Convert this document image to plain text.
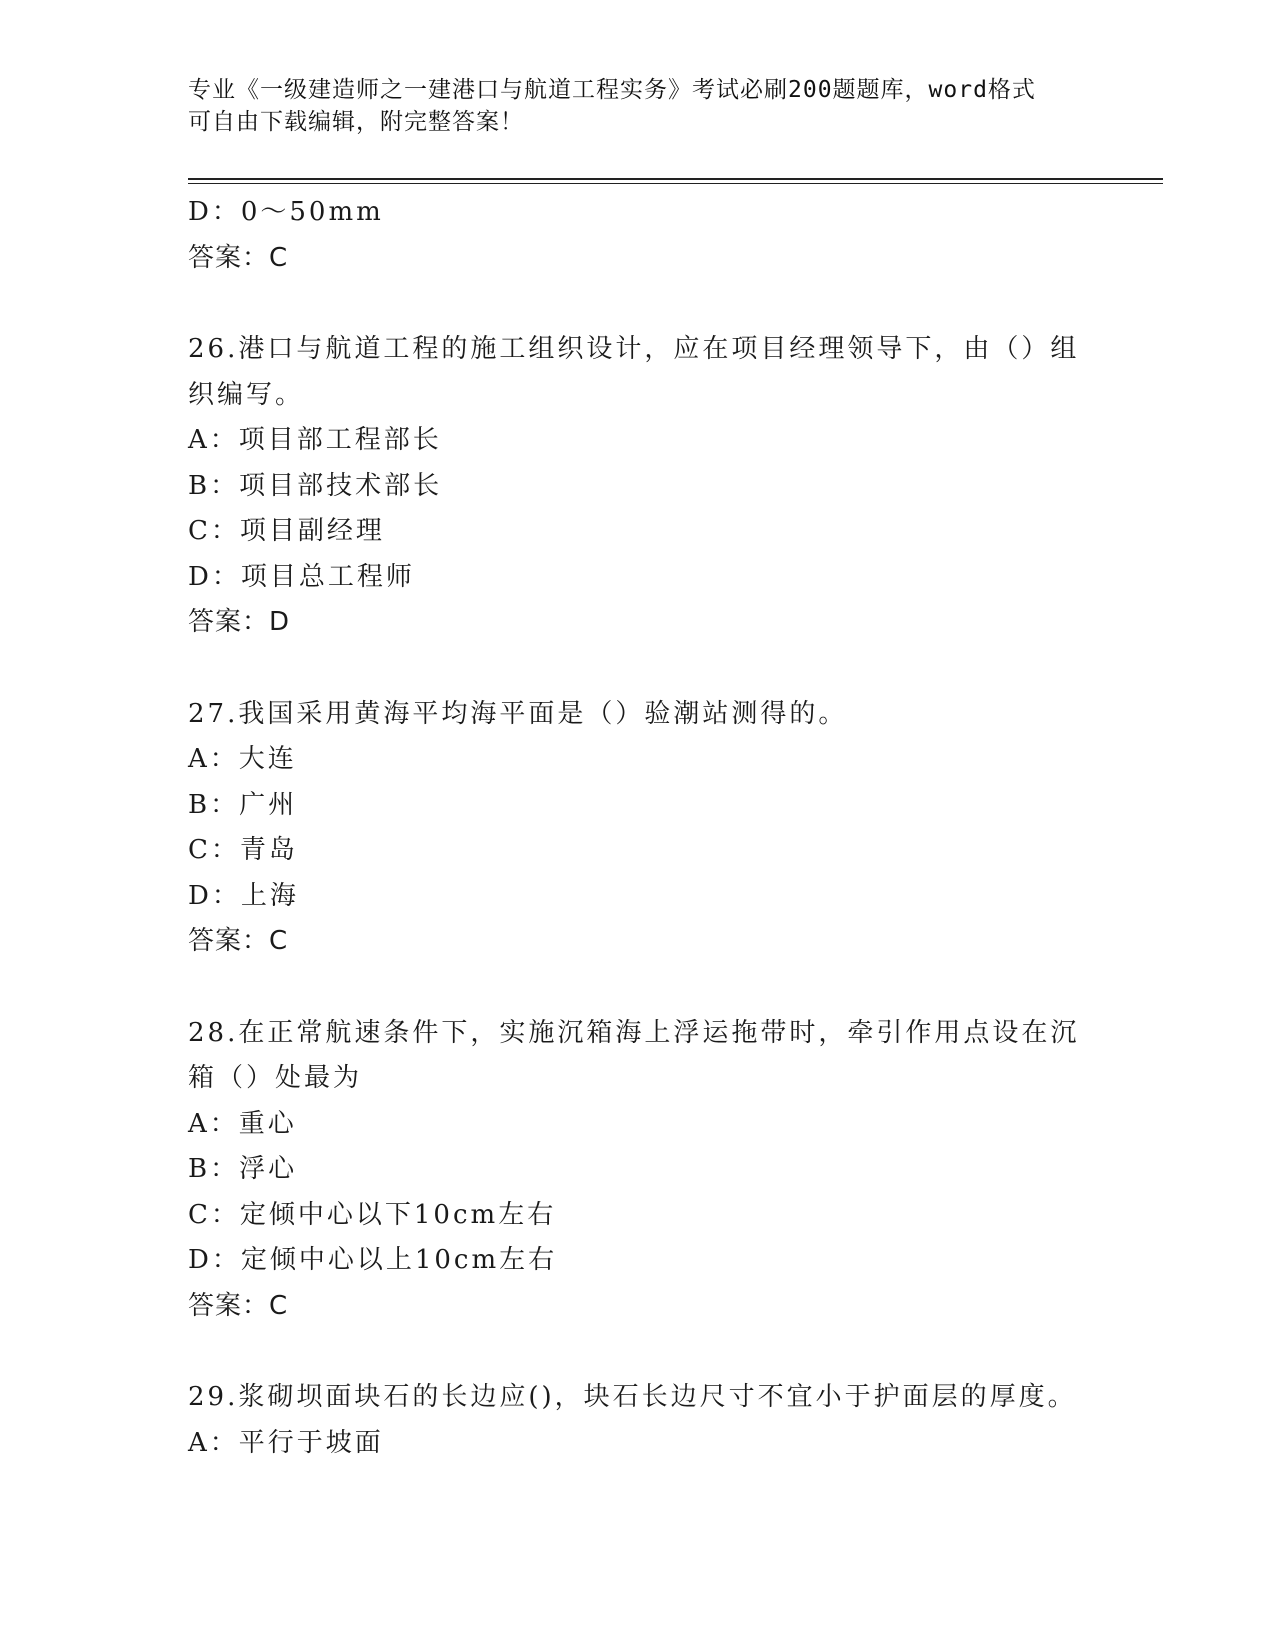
专业《一级建造师之一建港口与航道工程实务》考试必刷200题题库，word格式
可自由下载编辑，附完整答案！
D：0～50mm
答案：C
26.港口与航道工程的施工组织设计，应在项目经理领导下，由（）组
织编写。
A：项目部工程部长
B：项目部技术部长
C：项目副经理
D：项目总工程师
答案：D
27.我国采用黄海平均海平面是（）验潮站测得的。
A：大连
B：广州
C：青岛
D：上海
答案：C
28.在正常航速条件下，实施沉箱海上浮运拖带时，牵引作用点设在沉
箱（）处最为
A：重心
B：浮心
C：定倾中心以下10cm左右
D：定倾中心以上10cm左右
答案：C
29.浆砌坝面块石的长边应()，块石长边尺寸不宜小于护面层的厚度。
A：平行于坡面
